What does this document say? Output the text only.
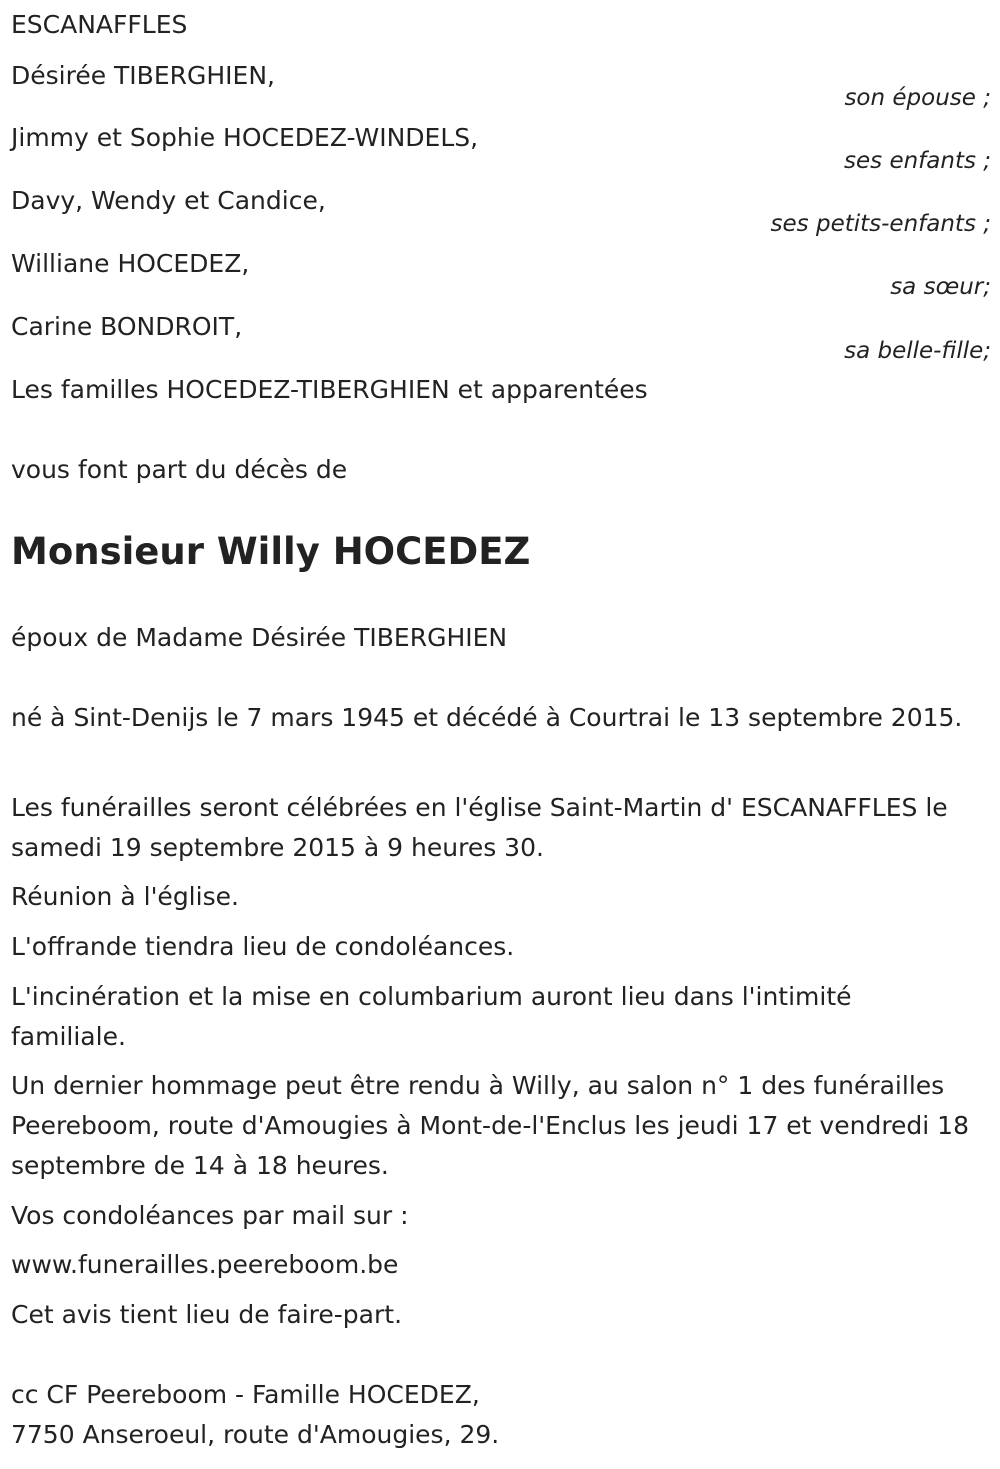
ESCANAFFLES
Désirée TIBERGHIEN,
son épouse ;
Jimmy et Sophie HOCEDEZ-WINDELS,
ses enfants ;
Davy, Wendy et Candice,
ses petits-enfants ;
Williane HOCEDEZ,
sa sœur;
Carine BONDROIT,
sa belle-fille;
Les familles HOCEDEZ-TIBERGHIEN et apparentées
vous font part du décès de
Monsieur Willy HOCEDEZ
époux de Madame Désirée TIBERGHIEN
né à Sint-Denijs le 7 mars 1945 et décédé à Courtrai le 13 septembre 2015.
Les funérailles seront célébrées en l'église Saint-Martin d' ESCANAFFLES le samedi 19 septembre 2015 à 9 heures 30.
Réunion à l'église.
L'offrande tiendra lieu de condoléances.
L'incinération et la mise en columbarium auront lieu dans l'intimité familiale.
Un dernier hommage peut être rendu à Willy, au salon n° 1 des funérailles Peereboom, route d'Amougies à Mont-de-l'Enclus les jeudi 17 et vendredi 18 septembre de 14 à 18 heures.
Vos condoléances par mail sur :
www.funerailles.peereboom.be
Cet avis tient lieu de faire-part.
cc CF Peereboom - Famille HOCEDEZ,
7750 Anseroeul, route d'Amougies, 29.
